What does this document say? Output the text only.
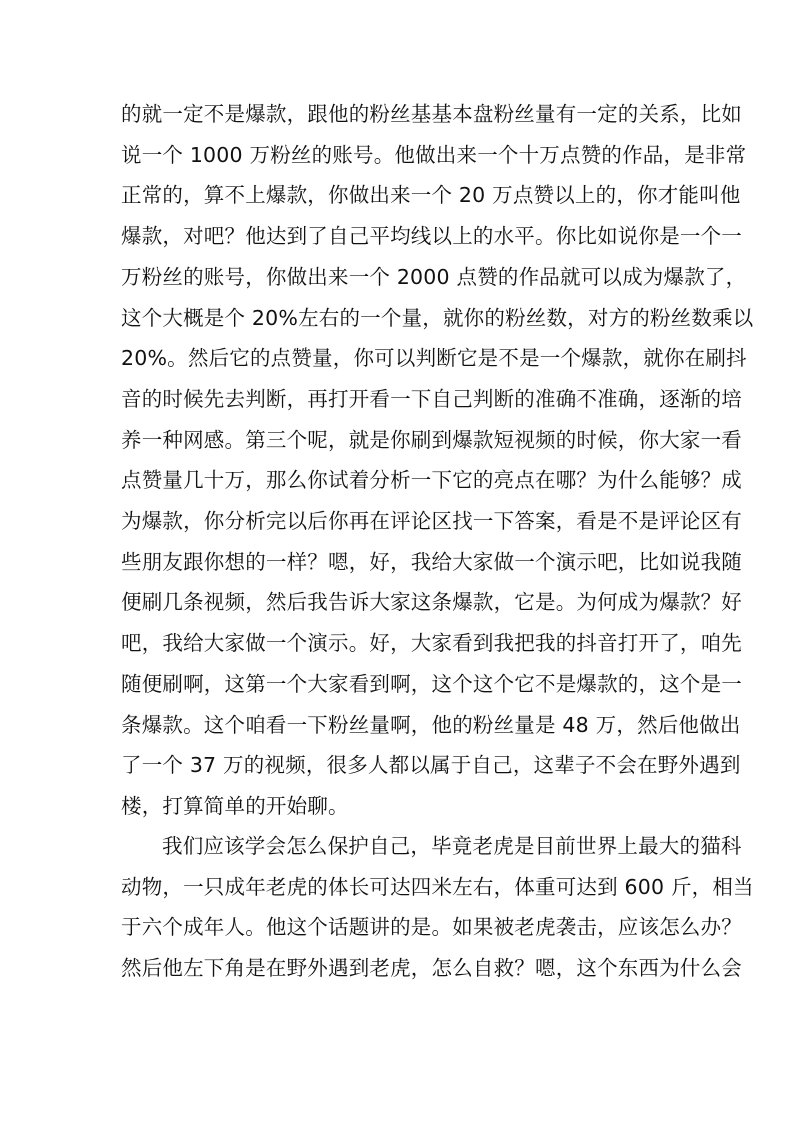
的就一定不是爆款，跟他的粉丝基基本盘粉丝量有一定的关系，比如
说一个 1000 万粉丝的账号。他做出来一个十万点赞的作品，是非常
正常的，算不上爆款，你做出来一个 20 万点赞以上的，你才能叫他
爆款，对吧？他达到了自己平均线以上的水平。你比如说你是一个一
万粉丝的账号，你做出来一个 2000 点赞的作品就可以成为爆款了，
这个大概是个 20%左右的一个量，就你的粉丝数，对方的粉丝数乘以
20%。然后它的点赞量，你可以判断它是不是一个爆款，就你在刷抖
音的时候先去判断，再打开看一下自己判断的准确不准确，逐渐的培
养一种网感。第三个呢，就是你刷到爆款短视频的时候，你大家一看
点赞量几十万，那么你试着分析一下它的亮点在哪？为什么能够？成
为爆款，你分析完以后你再在评论区找一下答案，看是不是评论区有
些朋友跟你想的一样？嗯，好，我给大家做一个演示吧，比如说我随
便刷几条视频，然后我告诉大家这条爆款，它是。为何成为爆款？好
吧，我给大家做一个演示。好，大家看到我把我的抖音打开了，咱先
随便刷啊，这第一个大家看到啊，这个这个它不是爆款的，这个是一
条爆款。这个咱看一下粉丝量啊，他的粉丝量是 48 万，然后他做出
了一个 37 万的视频，很多人都以属于自己，这辈子不会在野外遇到
楼，打算简单的开始聊。
我们应该学会怎么保护自己，毕竟老虎是目前世界上最大的猫科
动物，一只成年老虎的体长可达四米左右，体重可达到 600 斤，相当
于六个成年人。他这个话题讲的是。如果被老虎袭击，应该怎么办？
然后他左下角是在野外遇到老虎，怎么自救？嗯，这个东西为什么会
